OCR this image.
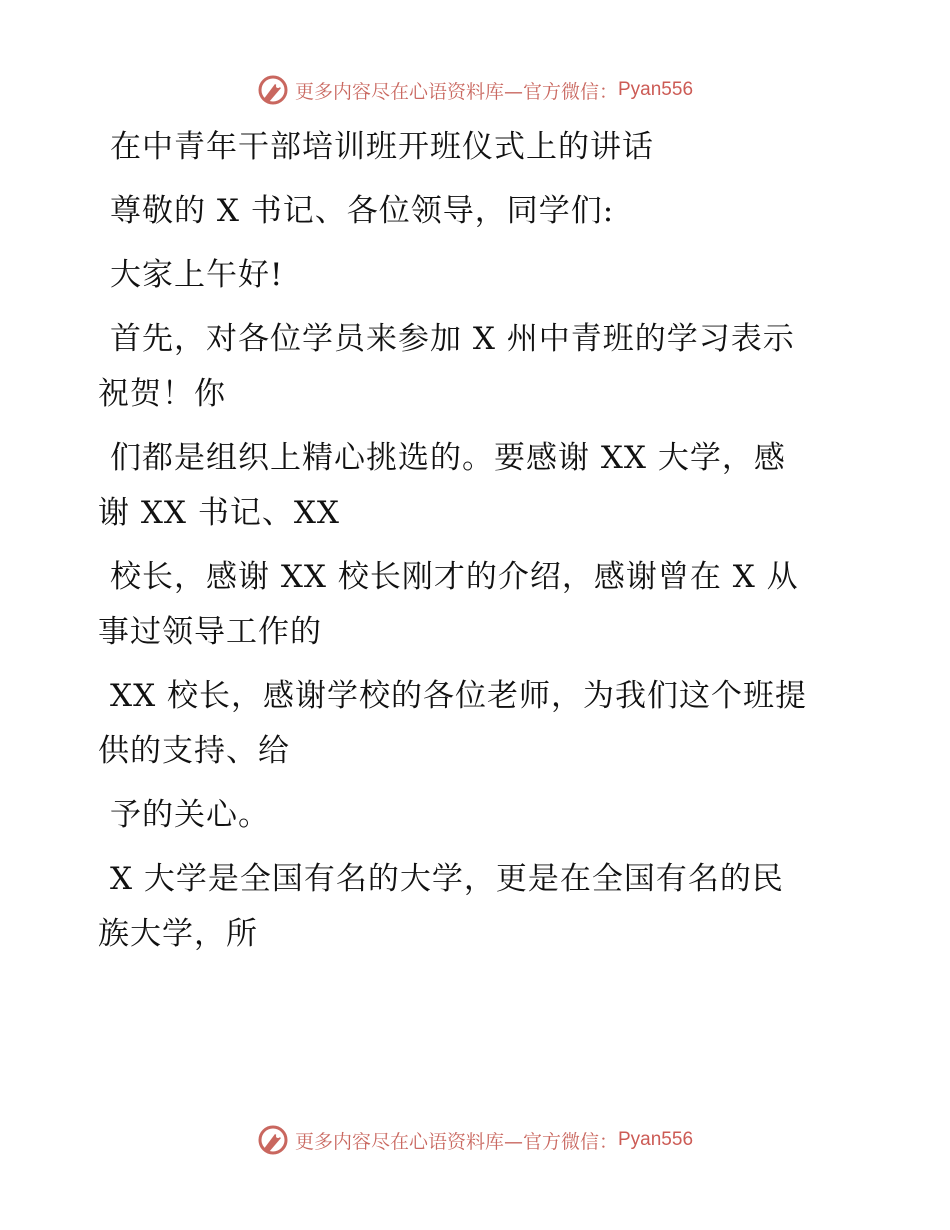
更多内容尽在心语资料库—官方微信： Pyan556
在中青年干部培训班开班仪式上的讲话
尊敬的 X 书记、各位领导，同学们:
大家上午好!
首先，对各位学员来参加 X 州中青班的学习表示
祝贺！你
们都是组织上精心挑选的。要感谢 XX 大学，感
谢 XX 书记、XX
校长，感谢 XX 校长刚才的介绍，感谢曾在 X 从
事过领导工作的
XX 校长，感谢学校的各位老师，为我们这个班提
供的支持、给
予的关心。
X 大学是全国有名的大学，更是在全国有名的民
族大学，所
更多内容尽在心语资料库—官方微信： Pyan556
